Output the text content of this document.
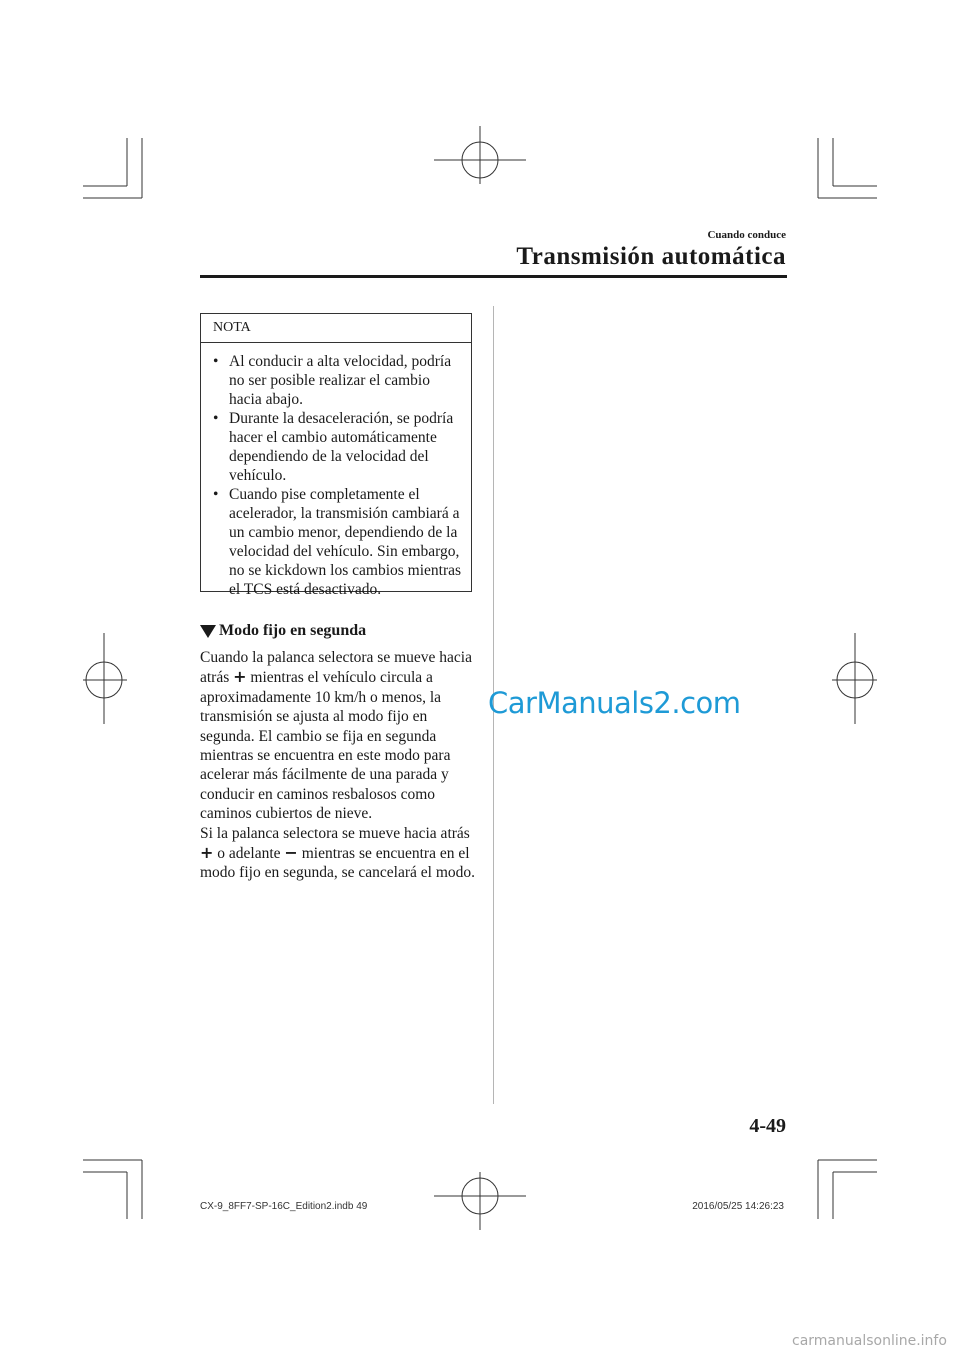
Cuando conduce
Transmisión automática
NOTA
• Al conducir a alta velocidad, podría no ser posible realizar el cambio hacia abajo.
• Durante la desaceleración, se podría hacer el cambio automáticamente dependiendo de la velocidad del vehículo.
• Cuando pise completamente el acelerador, la transmisión cambiará a un cambio menor, dependiendo de la velocidad del vehículo. Sin embargo, no se kickdown los cambios mientras el TCS está desactivado.
Modo fijo en segunda

Cuando la palanca selectora se mueve hacia atrás + mientras el vehículo circula a aproximadamente 10 km/h o menos, la transmisión se ajusta al modo fijo en segunda. El cambio se fija en segunda mientras se encuentra en este modo para acelerar más fácilmente de una parada y conducir en caminos resbalosos como caminos cubiertos de nieve.

Si la palanca selectora se mueve hacia atrás + o adelante − mientras se encuentra en el modo fijo en segunda, se cancelará el modo.

CarManuals2.com
4-49
CX-9_8FF7-SP-16C_Edition2.indb 49	2016/05/25 14:26:23
carmanualsonline.info
